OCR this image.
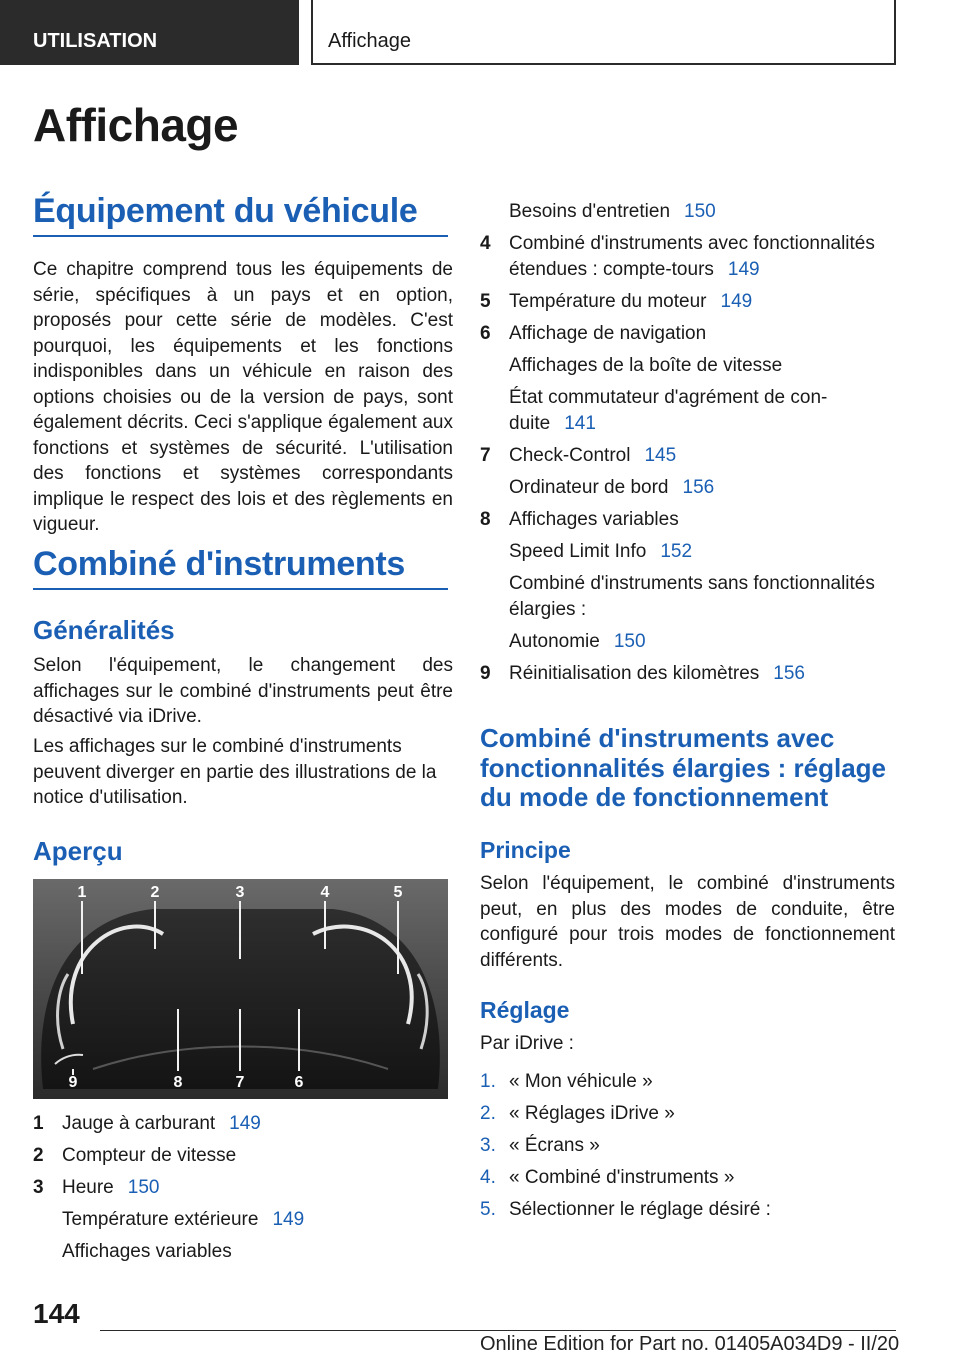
UTILISATION	Affichage
Affichage
Équipement du véhicule
Ce chapitre comprend tous les équipements de série, spécifiques à un pays et en option, proposés pour cette série de modèles. C'est pourquoi, les équipements et les fonctions indisponibles dans un véhicule en raison des options choisies ou de la version de pays, sont également décrits. Ceci s'applique également aux fonctions et systèmes de sécurité. L'utilisation des fonctions et systèmes correspondants implique le respect des lois et des règlements en vigueur.
Combiné d'instruments
Généralités
Selon l'équipement, le changement des affichages sur le combiné d'instruments peut être désactivé via iDrive.
Les affichages sur le combiné d'instruments peuvent diverger en partie des illustrations de la notice d'utilisation.
Aperçu
1	2	3	4	5
6
7
8
9
1 Jauge à carburant 149
2 Compteur de vitesse
3 Heure 150
Température extérieure 149
Affichages variables
Besoins d'entretien 150
4 Combiné d'instruments avec fonctionnalités
étendues : compte-tours 149
5 Température du moteur 149
6 Affichage de navigation
Affichages de la boîte de vitesse
État commutateur d'agrément de con-
duite 141
7 Check-Control 145
Ordinateur de bord 156
8 Affichages variables
Speed Limit Info 152
Combiné d'instruments sans fonctionnalités
élargies :
Autonomie 150
9 Réinitialisation des kilomètres 156
Combiné d'instruments avec fonctionnalités élargies : réglage du mode de fonctionnement
Principe
Selon l'équipement, le combiné d'instruments peut, en plus des modes de conduite, être configuré pour trois modes de fonctionnement différents.
Réglage
Par iDrive :
1. « Mon véhicule »
2. « Réglages iDrive »
3. « Écrans »
4. « Combiné d'instruments »
5. Sélectionner le réglage désiré :
144
Online Edition for Part no. 01405A034D9 - II/20
